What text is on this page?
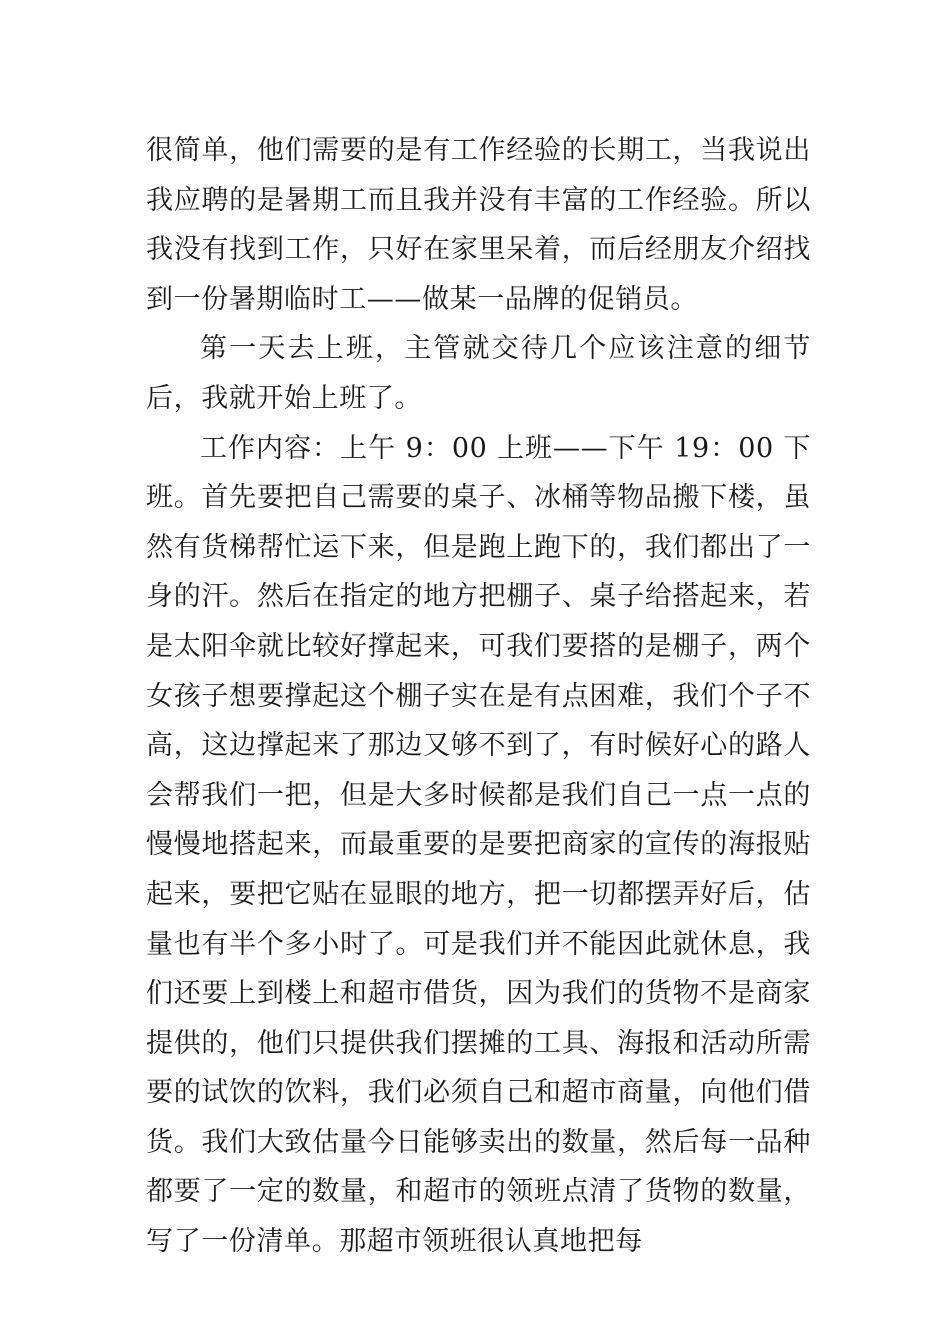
很简单，他们需要的是有工作经验的长期工，当我说出我应聘的是暑期工而且我并没有丰富的工作经验。所以我没有找到工作，只好在家里呆着，而后经朋友介绍找到一份暑期临时工——做某一品牌的促销员。

第一天去上班，主管就交待几个应该注意的细节后，我就开始上班了。

工作内容：上午 9：00 上班——下午 19：00 下班。首先要把自己需要的桌子、冰桶等物品搬下楼，虽然有货梯帮忙运下来，但是跑上跑下的，我们都出了一身的汗。然后在指定的地方把棚子、桌子给搭起来，若是太阳伞就比较好撑起来，可我们要搭的是棚子，两个女孩子想要撑起这个棚子实在是有点困难，我们个子不高，这边撑起来了那边又够不到了，有时候好心的路人会帮我们一把，但是大多时候都是我们自己一点一点的慢慢地搭起来，而最重要的是要把商家的宣传的海报贴起来，要把它贴在显眼的地方，把一切都摆弄好后，估量也有半个多小时了。可是我们并不能因此就休息，我们还要上到楼上和超市借货，因为我们的货物不是商家提供的，他们只提供我们摆摊的工具、海报和活动所需要的试饮的饮料，我们必须自己和超市商量，向他们借货。我们大致估量今日能够卖出的数量，然后每一品种都要了一定的数量，和超市的领班点清了货物的数量，写了一份清单。那超市领班很认真地把每
